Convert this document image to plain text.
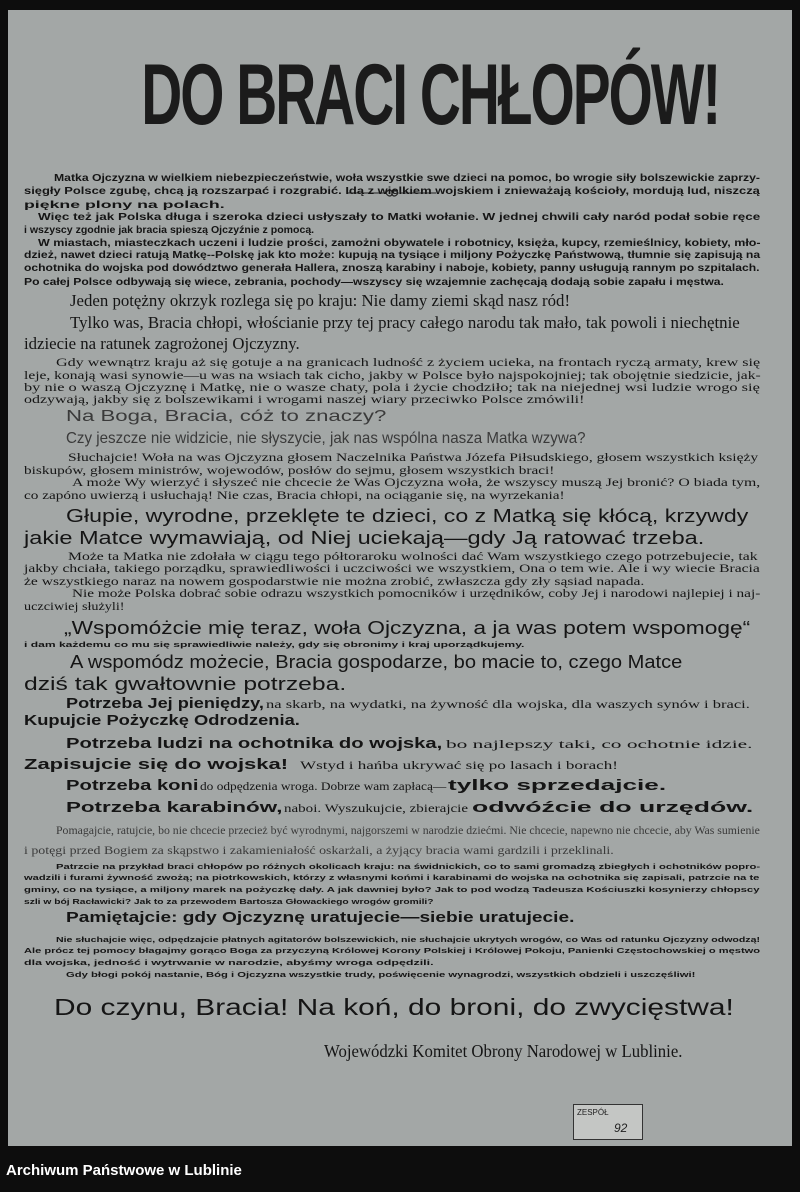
DO BRACI CHŁOPÓW!
Matka Ojczyzna w wielkiem niebezpieczeństwie, woła wszystkie swe dzieci na pomoc, bo wrogie siły bolszewickie zaprzy-
sięgły Polsce zgubę, chcą ją rozszarpać i rozgrabić. Idą z wielkiem wojskiem i znieważają kościoły, mordują lud, niszczą
piękne plony na polach.
Więc też jak Polska długa i szeroka dzieci usłyszały to Matki wołanie. W jednej chwili cały naród podał sobie ręce
i wszyscy zgodnie jak bracia spieszą Ojczyźnie z pomocą.
W miastach, miasteczkach uczeni i ludzie prości, zamożni obywatele i robotnicy, księża, kupcy, rzemieślnicy, kobiety, mło-
dzież, nawet dzieci ratują Matkę--Polskę jak kto może: kupują na tysiące i miljony Pożyczkę Państwową, tłumnie się zapisują na
ochotnika do wojska pod dowództwo generała Hallera, znoszą karabiny i naboje, kobiety, panny usługują rannym po szpitalach.
Po całej Polsce odbywają się wiece, zebrania, pochody—wszyscy się wzajemnie zachęcają dodają sobie zapału i męstwa.
Jeden potężny okrzyk rozlega się po kraju: Nie damy ziemi skąd nasz ród!
Tylko was, Bracia chłopi, włościanie przy tej pracy całego narodu tak mało, tak powoli i niechętnie
idziecie na ratunek zagrożonej Ojczyzny.
Gdy wewnątrz kraju aż się gotuje a na granicach ludność z życiem ucieka, na frontach ryczą armaty, krew się
leje, konają wasi synowie—u was na wsiach tak cicho, jakby w Polsce było najspokojniej; tak obojętnie siedzicie, jak-
by nie o waszą Ojczyznę i Matkę, nie o wasze chaty, pola i życie chodziło; tak na niejednej wsi ludzie wrogo się
odzywają, jakby się z bolszewikami i wrogami naszej wiary przeciwko Polsce zmówili!
Na Boga, Bracia, cóż to znaczy?
Czy jeszcze nie widzicie, nie słyszycie, jak nas wspólna nasza Matka wzywa?
Słuchajcie! Woła na was Ojczyzna głosem Naczelnika Państwa Józefa Piłsudskiego, głosem wszystkich księży
biskupów, głosem ministrów, wojewodów, posłów do sejmu, głosem wszystkich braci!
A może Wy wierzyć i słyszeć nie chcecie że Was Ojczyzna woła, że wszyscy muszą Jej bronić? O biada tym,
co zapóno uwierzą i usłuchają! Nie czas, Bracia chłopi, na ociąganie się, na wyrzekania!
Głupie, wyrodne, przeklęte te dzieci, co z Matką się kłócą, krzywdy
jakie Matce wymawiają, od Niej uciekają—gdy Ją ratować trzeba.
Może ta Matka nie zdołała w ciągu tego półtoraroku wolności dać Wam wszystkiego czego potrzebujecie, tak
jakby chciała, takiego porządku, sprawiedliwości i uczciwości we wszystkiem, Ona o tem wie. Ale i wy wiecie Bracia
że wszystkiego naraz na nowem gospodarstwie nie można zrobić, zwłaszcza gdy zły sąsiad napada.
Nie może Polska dobrać sobie odrazu wszystkich pomocników i urzędników, coby Jej i narodowi najlepiej i naj-
uczciwiej służyli!
„Wspomóżcie mię teraz, woła Ojczyzna, a ja was potem wspomogę“
i dam każdemu co mu się sprawiedliwie należy, gdy się obronimy i kraj uporządkujemy.
A wspomódz możecie, Bracia gospodarze, bo macie to, czego Matce
dziś tak gwałtownie potrzeba.
Potrzeba Jej pieniędzy, na skarb, na wydatki, na żywność dla wojska, dla waszych synów i braci.
Kupujcie Pożyczkę Odrodzenia.
Potrzeba ludzi na ochotnika do wojska, bo najlepszy taki, co ochotnie idzie.
Zapisujcie się do wojska! Wstyd i hańba ukrywać się po lasach i borach!
Potrzeba koni do odpędzenia wroga. Dobrze wam zapłacą— tylko sprzedajcie.
Potrzeba karabinów, naboi. Wyszukujcie, zbierajcie odwóźcie do urzędów.
Pomagajcie, ratujcie, bo nie chcecie przecież być wyrodnymi, najgorszemi w narodzie dziećmi. Nie chcecie, napewno nie chcecie, aby Was sumienie
i potęgi przed Bogiem za skąpstwo i zakamieniałość oskarżali, a żyjący bracia wami gardzili i przeklinali.
Patrzcie na przykład braci chłopów po różnych okolicach kraju: na świdnickich, co to sami gromadzą zbiegłych i ochotników popro-
wadzili i furami żywność zwożą; na piotrkowskich, którzy z własnymi końmi i karabinami do wojska na ochotnika się zapisali, patrzcie na te
gminy, co na tysiące, a miljony marek na pożyczkę dały. A jak dawniej było? Jak to pod wodzą Tadeusza Kościuszki kosynierzy chłopscy
szli w bój Racławicki? Jak to za przewodem Bartosza Głowackiego wrogów gromili?
Pamiętajcie: gdy Ojczyznę uratujecie—siebie uratujecie.
Nie słuchajcie więc, odpędzajcie płatnych agitatorów bolszewickich, nie słuchajcie ukrytych wrogów, co Was od ratunku Ojczyzny odwodzą!
Ale prócz tej pomocy błagajmy gorąco Boga za przyczyną Królowej Korony Polskiej i Królowej Pokoju, Panienki Częstochowskiej o męstwo
dla wojska, jedność i wytrwanie w narodzie, abyśmy wroga odpędzili.
Gdy błogi pokój nastanie, Bóg i Ojczyzna wszystkie trudy, poświęcenie wynagrodzi, wszystkich obdzieli i uszczęśliwi!
Do czynu, Bracia! Na koń, do broni, do zwycięstwa!
Wojewódzki Komitet Obrony Narodowej w Lublinie.
ZESPÓŁ
92
Archiwum Państwowe w Lublinie
